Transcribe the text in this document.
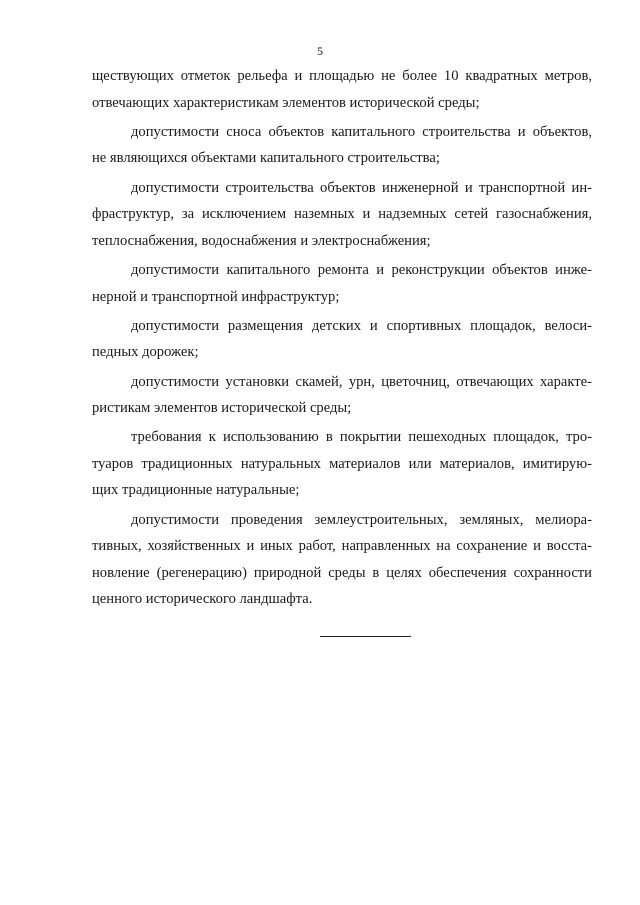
5
ществующих отметок рельефа и площадью не более 10 квадратных метров,
отвечающих характеристикам элементов исторической среды;
допустимости сноса объектов капитального строительства и объектов,
не являющихся объектами капитального строительства;
допустимости строительства объектов инженерной и транспортной ин-
фраструктур, за исключением наземных и надземных сетей газоснабжения,
теплоснабжения, водоснабжения и электроснабжения;
допустимости капитального ремонта и реконструкции объектов инже-
нерной и транспортной инфраструктур;
допустимости размещения детских и спортивных площадок, велоси-
педных дорожек;
допустимости установки скамей, урн, цветочниц, отвечающих характе-
ристикам элементов исторической среды;
требования к использованию в покрытии пешеходных площадок, тро-
туаров традиционных натуральных материалов или материалов, имитирую-
щих традиционные натуральные;
допустимости проведения землеустроительных, земляных, мелиора-
тивных, хозяйственных и иных работ, направленных на сохранение и восста-
новление (регенерацию) природной среды в целях обеспечения сохранности
ценного исторического ландшафта.
